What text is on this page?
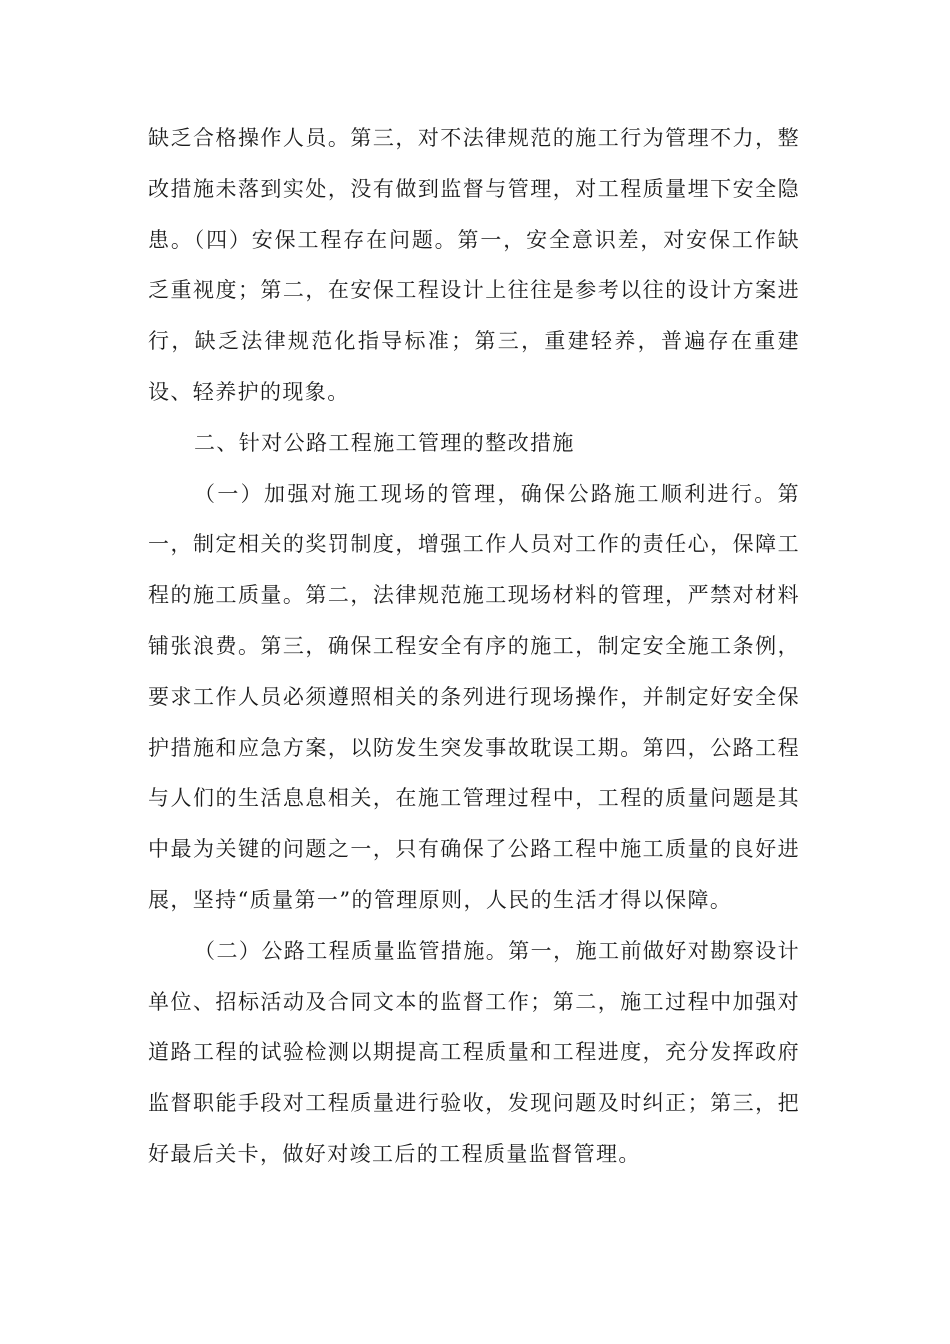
缺乏合格操作人员。第三，对不法律规范的施工行为管理不力，整改措施未落到实处，没有做到监督与管理，对工程质量埋下安全隐患。（四）安保工程存在问题。第一，安全意识差，对安保工作缺乏重视度；第二，在安保工程设计上往往是参考以往的设计方案进行，缺乏法律规范化指导标准；第三，重建轻养，普遍存在重建设、轻养护的现象。

二、针对公路工程施工管理的整改措施

（一）加强对施工现场的管理，确保公路施工顺利进行。第一，制定相关的奖罚制度，增强工作人员对工作的责任心，保障工程的施工质量。第二，法律规范施工现场材料的管理，严禁对材料铺张浪费。第三，确保工程安全有序的施工，制定安全施工条例，要求工作人员必须遵照相关的条列进行现场操作，并制定好安全保护措施和应急方案，以防发生突发事故耽误工期。第四，公路工程与人们的生活息息相关，在施工管理过程中，工程的质量问题是其中最为关键的问题之一，只有确保了公路工程中施工质量的良好进展，坚持“质量第一”的管理原则，人民的生活才得以保障。

（二）公路工程质量监管措施。第一，施工前做好对勘察设计单位、招标活动及合同文本的监督工作；第二，施工过程中加强对道路工程的试验检测以期提高工程质量和工程进度，充分发挥政府监督职能手段对工程质量进行验收，发现问题及时纠正；第三，把好最后关卡，做好对竣工后的工程质量监督管理。
